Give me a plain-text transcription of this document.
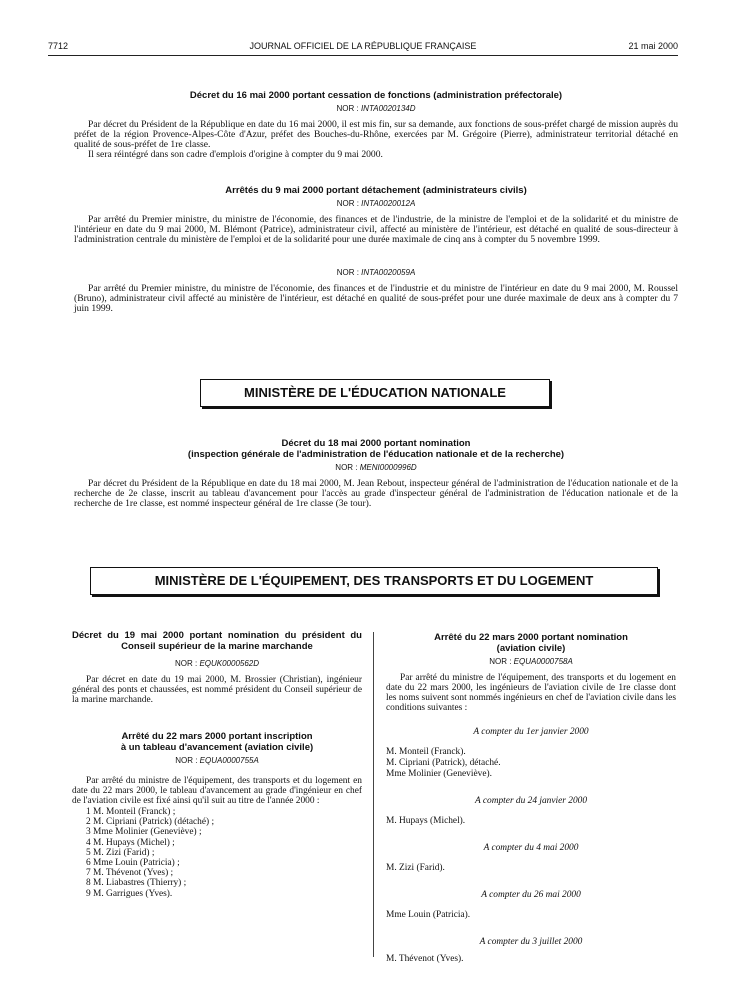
7712	JOURNAL OFFICIEL DE LA RÉPUBLIQUE FRANÇAISE	21 mai 2000

Décret du 16 mai 2000 portant cessation de fonctions (administration préfectorale)

NOR : INTA0020134D

Par décret du Président de la République en date du 16 mai 2000, il est mis fin, sur sa demande, aux fonctions de sous-préfet chargé de mission auprès du préfet de la région Provence-Alpes-Côte d'Azur, préfet des Bouches-du-Rhône, exercées par M. Grégoire (Pierre), administrateur territorial détaché en qualité de sous-préfet de 1re classe.

Il sera réintégré dans son cadre d'emplois d'origine à compter du 9 mai 2000.

Arrêtés du 9 mai 2000 portant détachement (administrateurs civils)

NOR : INTA0020012A

Par arrêté du Premier ministre, du ministre de l'économie, des finances et de l'industrie, de la ministre de l'emploi et de la solidarité et du ministre de l'intérieur en date du 9 mai 2000, M. Blémont (Patrice), administrateur civil, affecté au ministère de l'intérieur, est détaché en qualité de sous-directeur à l'administration centrale du ministère de l'emploi et de la solidarité pour une durée maximale de cinq ans à compter du 5 novembre 1999.

NOR : INTA0020059A

Par arrêté du Premier ministre, du ministre de l'économie, des finances et de l'industrie et du ministre de l'intérieur en date du 9 mai 2000, M. Roussel (Bruno), administrateur civil affecté au ministère de l'intérieur, est détaché en qualité de sous-préfet pour une durée maximale de deux ans à compter du 7 juin 1999.

MINISTÈRE DE L'ÉDUCATION NATIONALE

Décret du 18 mai 2000 portant nomination

(inspection générale de l'administration de l'éducation nationale et de la recherche)

NOR : MENI0000996D

Par décret du Président de la République en date du 18 mai 2000, M. Jean Rebout, inspecteur général de l'administration de l'éducation nationale et de la recherche de 2e classe, inscrit au tableau d'avancement pour l'accès au grade d'inspecteur général de l'administration de l'éducation nationale et de la recherche de 1re classe, est nommé inspecteur général de 1re classe (3e tour).

MINISTÈRE DE L'ÉQUIPEMENT, DES TRANSPORTS ET DU LOGEMENT

Décret du 19 mai 2000 portant nomination du président du Conseil supérieur de la marine marchande

NOR : EQUK0000562D

Par décret en date du 19 mai 2000, M. Brossier (Christian), ingénieur général des ponts et chaussées, est nommé président du Conseil supérieur de la marine marchande.

Arrêté du 22 mars 2000 portant inscription

à un tableau d'avancement (aviation civile)

NOR : EQUA0000755A

Par arrêté du ministre de l'équipement, des transports et du logement en date du 22 mars 2000, le tableau d'avancement au grade d'ingénieur en chef de l'aviation civile est fixé ainsi qu'il suit au titre de l'année 2000 :

1 M. Monteil (Franck) ;
2 M. Cipriani (Patrick) (détaché) ;
3 Mme Molinier (Geneviève) ;
4 M. Hupays (Michel) ;
5 M. Zizi (Farid) ;
6 Mme Louin (Patricia) ;
7 M. Thévenot (Yves) ;
8 M. Liabastres (Thierry) ;
9 M. Garrigues (Yves).

Arrêté du 22 mars 2000 portant nomination

(aviation civile)

NOR : EQUA0000758A

Par arrêté du ministre de l'équipement, des transports et du logement en date du 22 mars 2000, les ingénieurs de l'aviation civile de 1re classe dont les noms suivent sont nommés ingénieurs en chef de l'aviation civile dans les conditions suivantes :

A compter du 1er janvier 2000

M. Monteil (Franck).
M. Cipriani (Patrick), détaché.
Mme Molinier (Geneviève).

A compter du 24 janvier 2000

M. Hupays (Michel).

A compter du 4 mai 2000

M. Zizi (Farid).

A compter du 26 mai 2000

Mme Louin (Patricia).

A compter du 3 juillet 2000

M. Thévenot (Yves).
